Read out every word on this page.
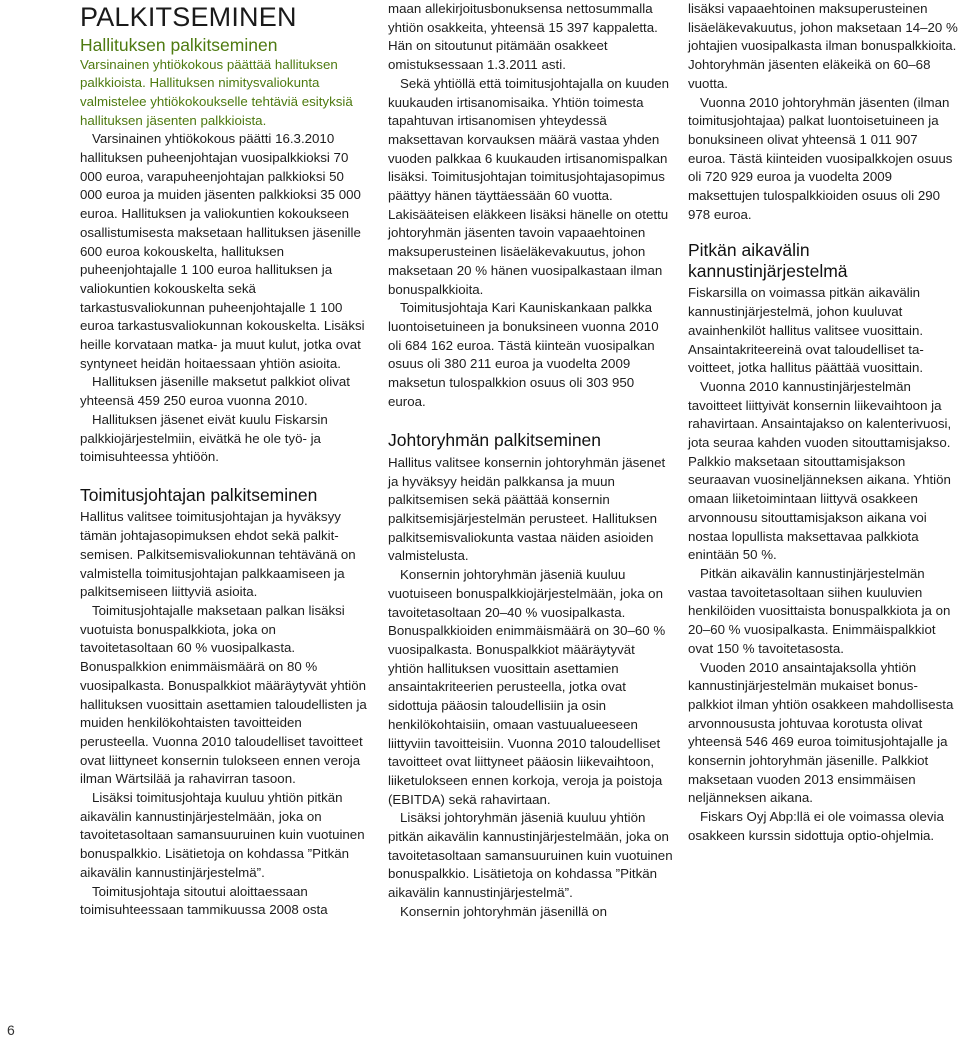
PALKITSEMINEN
Hallituksen palkitseminen

Varsinainen yhtiökokous päättää hallituksen palkkioista. Hallituksen nimitysvaliokunta valmistelee yhtiökokoukselle tehtäviä esityksiä hallituksen jäsenten palkkioista.

Varsinainen yhtiökokous päätti 16.3.2010 hallituksen puheenjohtajan vuosipalkkioksi 70 000 euroa, varapuheenjohtajan palkkioksi 50 000 euroa ja muiden jäsenten palkkioksi 35 000 euroa. Hallituksen ja valiokuntien kokoukseen osallistumisesta maksetaan hallituksen jäsenille 600 euroa kokouskelta, hallituksen puheenjohtajalle 1 100 euroa hallituksen ja valiokuntien kokouskelta sekä tarkastusvaliokunnan puheenjohtajalle 1 100 euroa tarkastusvaliokunnan kokouskelta. Lisäksi heille korvataan matka- ja muut kulut, jotka ovat syntyneet heidän hoitaessaan yhtiön asioita.

Hallituksen jäsenille maksetut palkkiot olivat yhteensä 459 250 euroa vuonna 2010.

Hallituksen jäsenet eivät kuulu Fiskarsin palkkiojärjestelmiin, eivätkä he ole työ- ja toimisuhteessa yhtiöön.

Toimitusjohtajan palkitseminen

Hallitus valitsee toimitusjohtajan ja hyväksyy tämän johtajasopimuksen ehdot sekä palkitsemisen. Palkitsemisvaliokunnan tehtävänä on valmistella toimitusjohtajan palkkaamiseen ja palkitsemiseen liittyviä asioita.

Toimitusjohtajalle maksetaan palkan lisäksi vuotuista bonuspalkkiota, joka on tavoitetasoltaan 60 % vuosipalkasta. Bonuspalkkion enimmäismäärä on 80 % vuosipalkasta. Bonuspalkkiot määräytyvät yhtiön hallituksen vuosittain asettamien taloudellisten ja muiden henkilökohtaisten tavoitteiden perusteella. Vuonna 2010 taloudelliset tavoitteet ovat liittyneet konsernin tulokseen ennen veroja ilman Wärtsilää ja rahavirran tasoon.

Lisäksi toimitusjohtaja kuuluu yhtiön pitkän aikavälin kannustinjärjestelmään, joka on tavoitetasoltaan samansuuruinen kuin vuotuinen bonuspalkkio. Lisätietoja on kohdassa ”Pitkän aikavälin kannustinjärjestelmä”.

Toimitusjohtaja sitoutui aloittaessaan toimisuhteessaan tammikuussa 2008 osta

maan allekirjoitusbonuksensa nettosummalla yhtiön osakkeita, yhteensä 15 397 kappaletta. Hän on sitoutunut pitämään osakkeet omistuksessaan 1.3.2011 asti.

Sekä yhtiöllä että toimitusjohtajalla on kuuden kuukauden irtisanomisaika. Yhtiön toimesta tapahtuvan irtisanomisen yhteydessä maksettavan korvauksen määrä vastaa yhden vuoden palkkaa 6 kuukauden irtisanomispalkan lisäksi. Toimitusjohtajan toimitusjohtajasopimus päättyy hänen täyttäessään 60 vuotta. Lakisääteisen eläkkeen lisäksi hänelle on otettu johtoryhmän jäsenten tavoin vapaaehtoinen maksuperusteinen lisäeläkevakuutus, johon maksetaan 20 % hänen vuosipalkastaan ilman bonuspalkkioita.

Toimitusjohtaja Kari Kauniskankaan palkka luontoisetuineen ja bonuksineen vuonna 2010 oli 684 162 euroa. Tästä kiinteän vuosipalkan osuus oli 380 211 euroa ja vuodelta 2009 maksetun tulospalkkion osuus oli 303 950 euroa.

Johtoryhmän palkitseminen

Hallitus valitsee konsernin johtoryhmän jäsenet ja hyväksyy heidän palkkansa ja muun palkitsemisen sekä päättää konsernin palkitsemisjärjestelmän perusteet. Hallituksen palkitsemisvaliokunta vastaa näiden asioiden valmistelusta.

Konsernin johtoryhmän jäseniä kuuluu vuotuiseen bonuspalkkiojärjestelmään, joka on tavoitetasoltaan 20–40 % vuosipalkasta. Bonuspalkkioiden enimmäismäärä on 30–60 % vuosipalkasta. Bonuspalkkiot määräytyvät yhtiön hallituksen vuosittain asettamien ansaintakriteerien perusteella, jotka ovat sidottuja pääosin taloudellisiin ja osin henkilökohtaisiin, omaan vastuualueeseen liittyviin tavoitteisiin. Vuonna 2010 taloudelliset tavoitteet ovat liittyneet pääosin liikevaihtoon, liiketulokseen ennen korkoja, veroja ja poistoja (EBITDA) sekä rahavirtaan.

Lisäksi johtoryhmän jäseniä kuuluu yhtiön pitkän aikavälin kannustinjärjestelmään, joka on tavoitetasoltaan samansuuruinen kuin vuotuinen bonuspalkkio. Lisätietoja on kohdassa ”Pitkän aikavälin kannustinjärjestelmä”.

Konsernin johtoryhmän jäsenillä on

lisäksi vapaaehtoinen maksuperusteinen lisäeläkevakuutus, johon maksetaan 14–20 % johtajien vuosipalkasta ilman bonuspalkkioita. Johtoryhmän jäsenten eläkeikä on 60–68 vuotta.

Vuonna 2010 johtoryhmän jäsenten (ilman toimitusjohtajaa) palkat luontoisetuineen ja bonuksineen olivat yhteensä 1 011 907 euroa. Tästä kiinteiden vuosipalkkojen osuus oli 720 929 euroa ja vuodelta 2009 maksettujen tulospalkkioiden osuus oli 290 978 euroa.

Pitkän aikavälin kannustinjärjestelmä

Fiskarsilla on voimassa pitkän aikavälin kannustinjärjestelmä, johon kuuluvat avainhenkilöt hallitus valitsee vuosittain. Ansaintakriteereinä ovat taloudelliset tavoitteet, jotka hallitus päättää vuosittain.

Vuonna 2010 kannustinjärjestelmän tavoitteet liittyivät konsernin liikevaihtoon ja rahavirtaan. Ansaintajakso on kalenterivuosi, jota seuraa kahden vuoden sitouttamisjakso. Palkkio maksetaan sitouttamisjakson seuraavan vuosineljänneksen aikana. Yhtiön omaan liiketoimintaan liittyvä osakkeen arvonnousu sitouttamisjakson aikana voi nostaa lopullista maksettavaa palkkiota enintään 50 %.

Pitkän aikavälin kannustinjärjestelmän vastaa tavoitetasoltaan siihen kuuluvien henkilöiden vuosittaista bonuspalkkiota ja on 20–60 % vuosipalkasta. Enimmäispalkkiot ovat 150 % tavoitetasosta.

Vuoden 2010 ansaintajaksolla yhtiön kannustinjärjestelmän mukaiset bonuspalkkiot ilman yhtiön osakkeen mahdollisesta arvonnoususta johtuvaa korotusta olivat yhteensä 546 469 euroa toimitusjohtajalle ja konsernin johtoryhmän jäsenille. Palkkiot maksetaan vuoden 2013 ensimmäisen neljänneksen aikana.

Fiskars Oyj Abp:llä ei ole voimassa olevia osakkeen kurssin sidottuja optio-ohjelmia.

6
